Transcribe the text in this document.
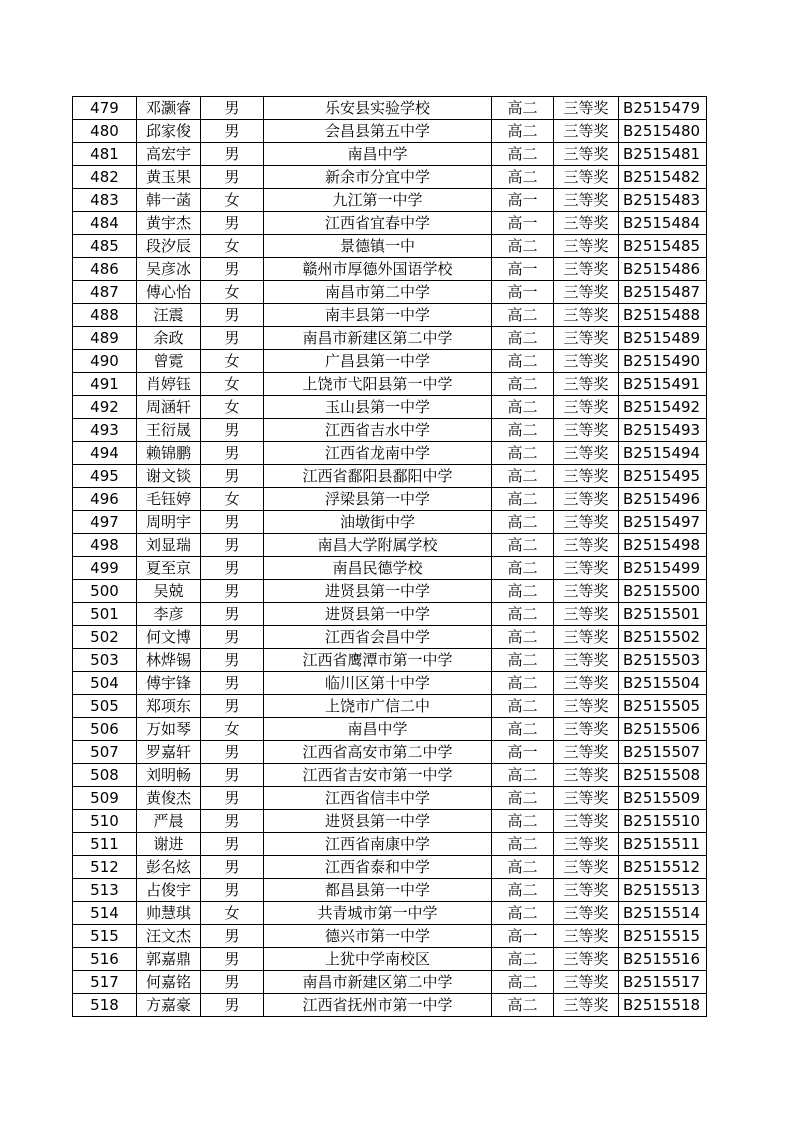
479	邓灏睿	男	乐安县实验学校	高二	三等奖	B2515479
480	邱家俊	男	会昌县第五中学	高二	三等奖	B2515480
481	高宏宇	男	南昌中学	高二	三等奖	B2515481
482	黄玉果	男	新余市分宜中学	高二	三等奖	B2515482
483	韩一菡	女	九江第一中学	高一	三等奖	B2515483
484	黄宇杰	男	江西省宜春中学	高一	三等奖	B2515484
485	段汐辰	女	景德镇一中	高二	三等奖	B2515485
486	吴彦冰	男	赣州市厚德外国语学校	高一	三等奖	B2515486
487	傅心怡	女	南昌市第二中学	高一	三等奖	B2515487
488	汪震	男	南丰县第一中学	高二	三等奖	B2515488
489	余政	男	南昌市新建区第二中学	高二	三等奖	B2515489
490	曾霓	女	广昌县第一中学	高二	三等奖	B2515490
491	肖婷钰	女	上饶市弋阳县第一中学	高二	三等奖	B2515491
492	周涵轩	女	玉山县第一中学	高二	三等奖	B2515492
493	王衍晟	男	江西省吉水中学	高二	三等奖	B2515493
494	赖锦鹏	男	江西省龙南中学	高二	三等奖	B2515494
495	谢文锬	男	江西省鄱阳县鄱阳中学	高二	三等奖	B2515495
496	毛钰婷	女	浮梁县第一中学	高二	三等奖	B2515496
497	周明宇	男	油墩街中学	高二	三等奖	B2515497
498	刘显瑞	男	南昌大学附属学校	高二	三等奖	B2515498
499	夏至京	男	南昌民德学校	高二	三等奖	B2515499
500	吴兢	男	进贤县第一中学	高二	三等奖	B2515500
501	李彦	男	进贤县第一中学	高二	三等奖	B2515501
502	何文博	男	江西省会昌中学	高二	三等奖	B2515502
503	林烨锡	男	江西省鹰潭市第一中学	高二	三等奖	B2515503
504	傅宇锋	男	临川区第十中学	高二	三等奖	B2515504
505	郑项东	男	上饶市广信二中	高二	三等奖	B2515505
506	万如琴	女	南昌中学	高二	三等奖	B2515506
507	罗嘉轩	男	江西省高安市第二中学	高一	三等奖	B2515507
508	刘明畅	男	江西省吉安市第一中学	高二	三等奖	B2515508
509	黄俊杰	男	江西省信丰中学	高二	三等奖	B2515509
510	严晨	男	进贤县第一中学	高二	三等奖	B2515510
511	谢进	男	江西省南康中学	高二	三等奖	B2515511
512	彭名炫	男	江西省泰和中学	高二	三等奖	B2515512
513	占俊宇	男	都昌县第一中学	高二	三等奖	B2515513
514	帅慧琪	女	共青城市第一中学	高二	三等奖	B2515514
515	汪文杰	男	德兴市第一中学	高一	三等奖	B2515515
516	郭嘉鼎	男	上犹中学南校区	高二	三等奖	B2515516
517	何嘉铭	男	南昌市新建区第二中学	高二	三等奖	B2515517
518	方嘉豪	男	江西省抚州市第一中学	高二	三等奖	B2515518
